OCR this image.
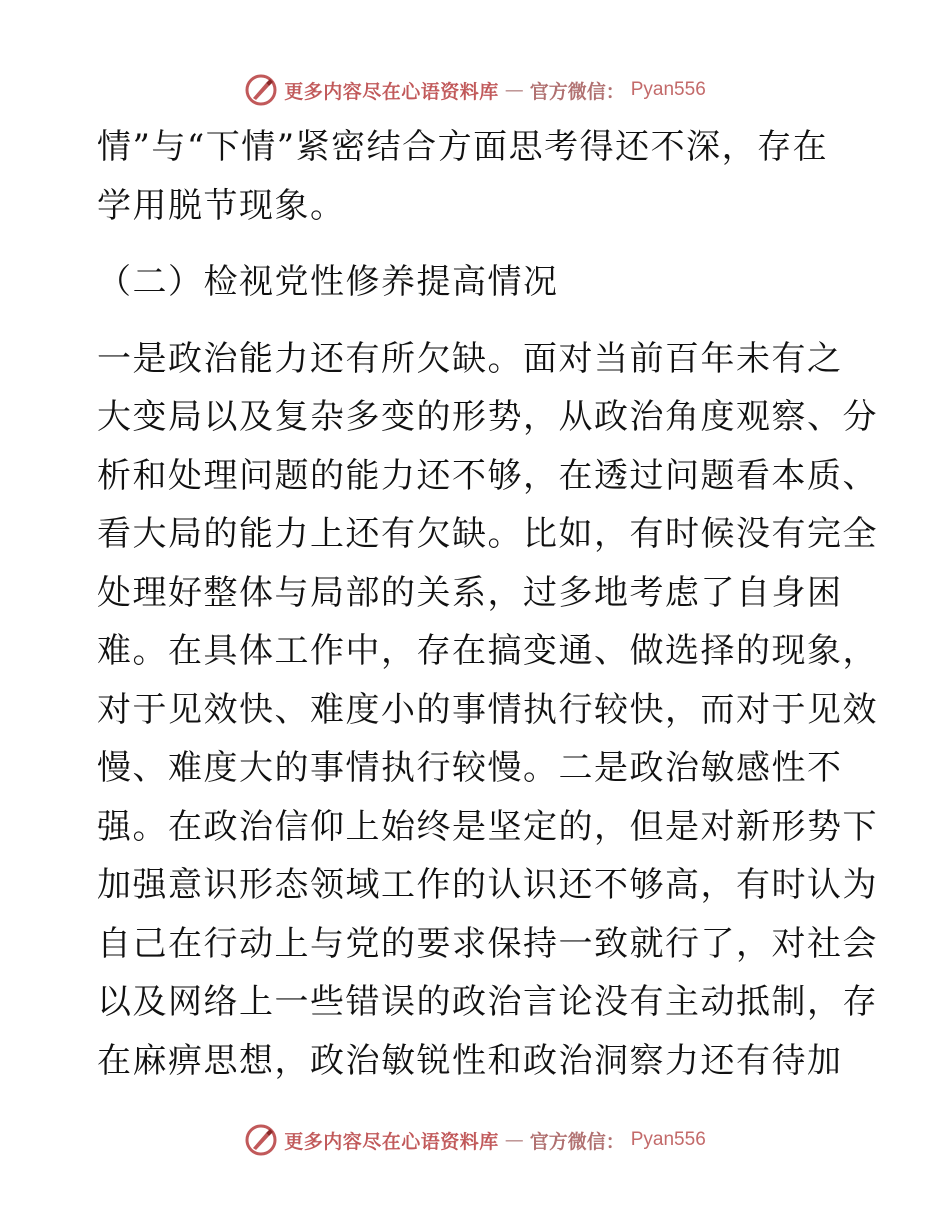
更多内容尽在心语资料库 — 官方微信： Pyan556
情”与“下情”紧密结合方面思考得还不深，存在
学用脱节现象。
（二）检视党性修养提高情况
一是政治能力还有所欠缺。面对当前百年未有之
大变局以及复杂多变的形势，从政治角度观察、分
析和处理问题的能力还不够，在透过问题看本质、
看大局的能力上还有欠缺。比如，有时候没有完全
处理好整体与局部的关系，过多地考虑了自身困
难。在具体工作中，存在搞变通、做选择的现象，
对于见效快、难度小的事情执行较快，而对于见效
慢、难度大的事情执行较慢。二是政治敏感性不
强。在政治信仰上始终是坚定的，但是对新形势下
加强意识形态领域工作的认识还不够高，有时认为
自己在行动上与党的要求保持一致就行了，对社会
以及网络上一些错误的政治言论没有主动抵制，存
在麻痹思想，政治敏锐性和政治洞察力还有待加
更多内容尽在心语资料库 — 官方微信： Pyan556
